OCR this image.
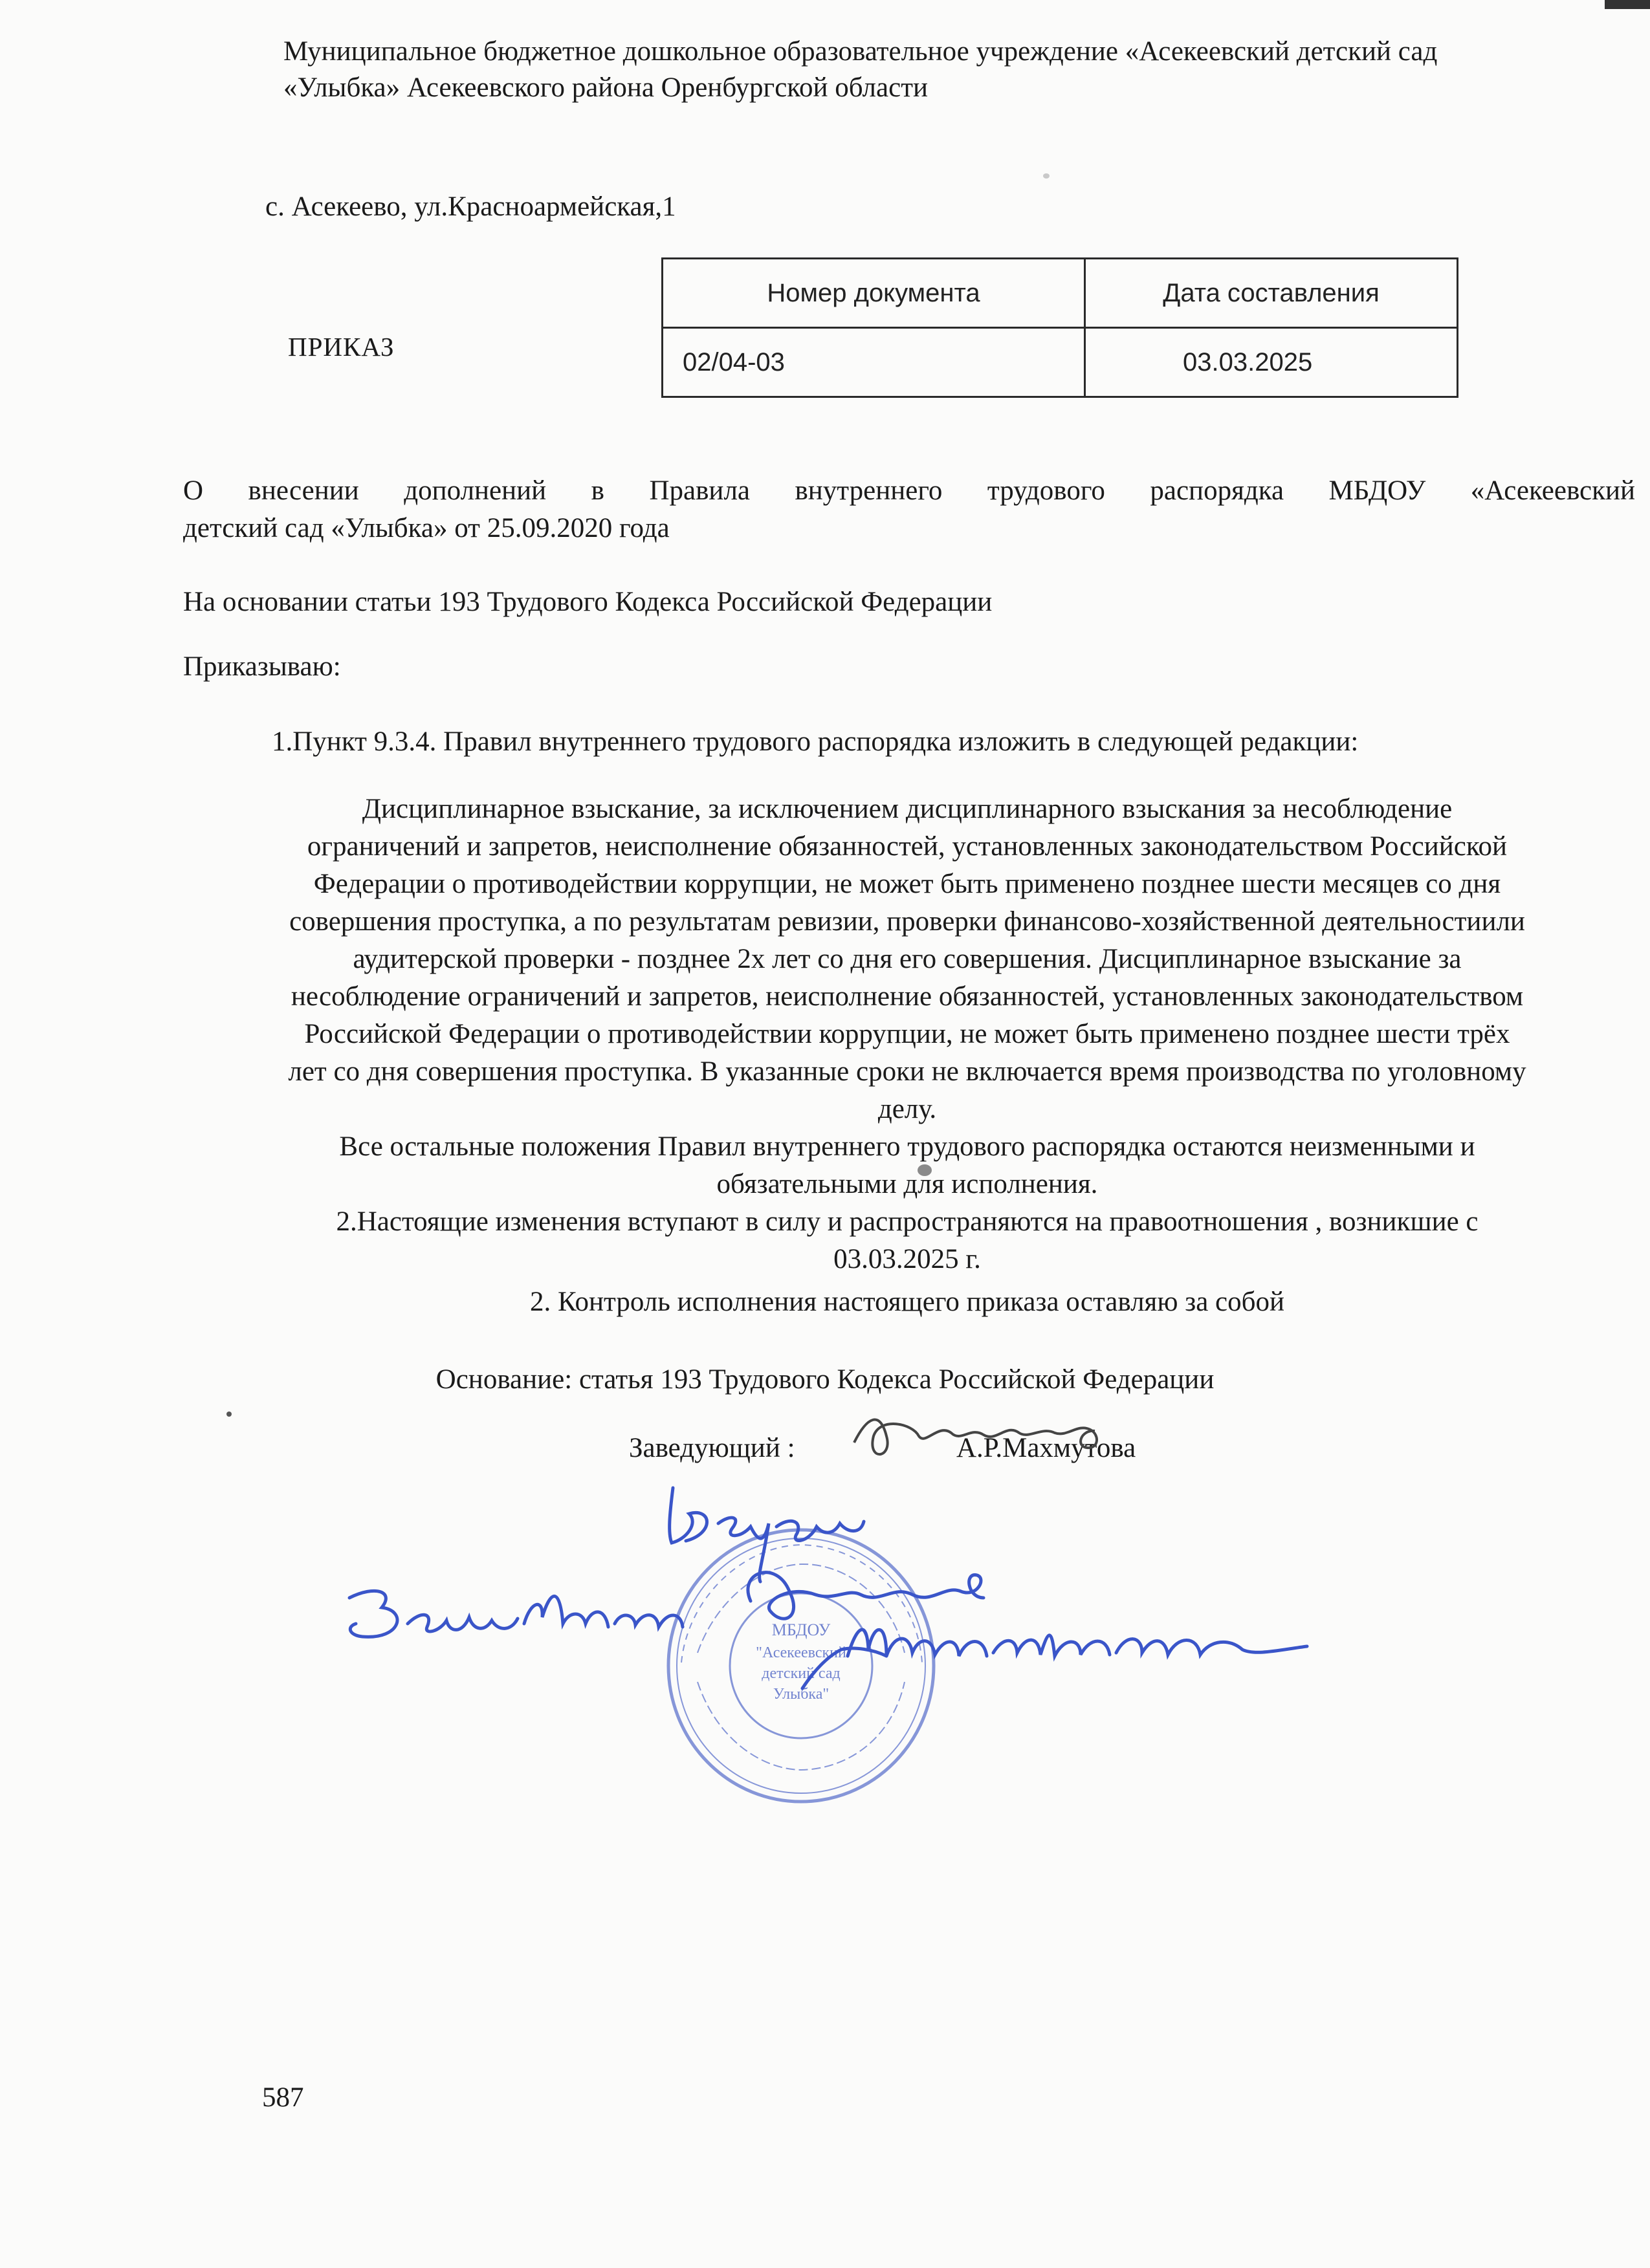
Муниципальное бюджетное дошкольное образовательное учреждение «Асекеевский детский сад
«Улыбка» Асекеевского района Оренбургской области
с. Асекеево, ул.Красноармейская,1
ПРИКАЗ
Номер документа	Дата составления
02/04-03	03.03.2025
О внесении дополнений в Правила внутреннего трудового распорядка МБДОУ «Асекеевский
детский сад «Улыбка» от 25.09.2020 года
На основании статьи 193 Трудового Кодекса Российской Федерации
Приказываю:
1.Пункт 9.3.4. Правил внутреннего трудового распорядка изложить в следующей редакции:

Дисциплинарное взыскание, за исключением дисциплинарного взыскания за несоблюдение

ограничений и запретов, неисполнение обязанностей, установленных законодательством Российской

Федерации о противодействии коррупции, не может быть применено позднее шести месяцев со дня

совершения проступка, а по результатам ревизии, проверки финансово-хозяйственной деятельностиили

аудитерской проверки - позднее 2х лет со дня его совершения. Дисциплинарное взыскание за

несоблюдение ограничений и запретов, неисполнение обязанностей, установленных законодательством

Российской Федерации о противодействии коррупции, не может быть применено позднее шести трёх

лет со дня совершения проступка. В указанные сроки не включается время производства по уголовному

делу.

Все остальные положения Правил внутреннего трудового распорядка остаются неизменными и

обязательными для исполнения.

2.Настоящие изменения вступают в силу и распространяются на правоотношения , возникшие с

03.03.2025 г.

2. Контроль исполнения настоящего приказа оставляю за собой

Основание: статья 193 Трудового Кодекса Российской Федерации
Заведующий :	А.Р.Махмутова
МБДОУ
"Асекеевский
детский сад
Улыбка"
587
